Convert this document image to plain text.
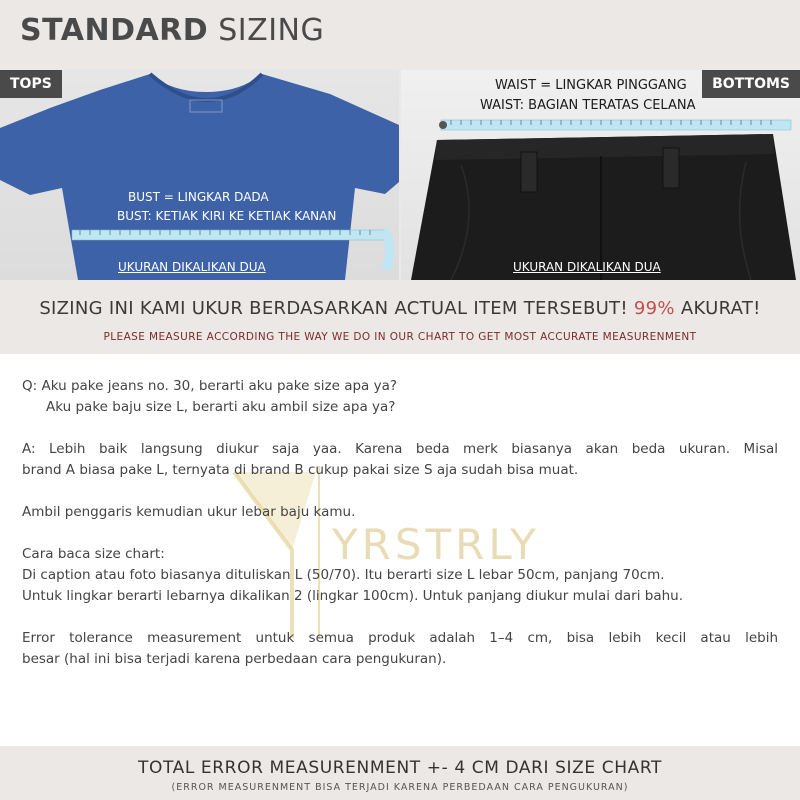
STANDARD SIZING
TOPS
BUST = LINGKAR DADA
BUST: KETIAK KIRI KE KETIAK KANAN
UKURAN DIKALIKAN DUA
BOTTOMS
WAIST = LINGKAR PINGGANG
WAIST: BAGIAN TERATAS CELANA
UKURAN DIKALIKAN DUA
SIZING INI KAMI UKUR BERDASARKAN ACTUAL ITEM TERSEBUT! 99% AKURAT!
PLEASE MEASURE ACCORDING THE WAY WE DO IN OUR CHART TO GET MOST ACCURATE MEASURENMENT
YRSTRLY

Q: Aku pake jeans no. 30, berarti aku pake size apa ya?

Aku pake baju size L, berarti aku ambil size apa ya?

A: Lebih baik langsung diukur saja yaa. Karena beda merk biasanya akan beda ukuran. Misal

brand A biasa pake L, ternyata di brand B cukup pakai size S aja sudah bisa muat.

Ambil penggaris kemudian ukur lebar baju kamu.

Cara baca size chart:

Di caption atau foto biasanya dituliskan L (50/70). Itu berarti size L lebar 50cm, panjang 70cm.

Untuk lingkar berarti lebarnya dikalikan 2 (lingkar 100cm). Untuk panjang diukur mulai dari bahu.

Error tolerance measurement untuk semua produk adalah 1–4 cm, bisa lebih kecil atau lebih

besar (hal ini bisa terjadi karena perbedaan cara pengukuran).

TOTAL ERROR MEASURENMENT +- 4 CM DARI SIZE CHART
(ERROR MEASURENMENT BISA TERJADI KARENA PERBEDAAN CARA PENGUKURAN)
